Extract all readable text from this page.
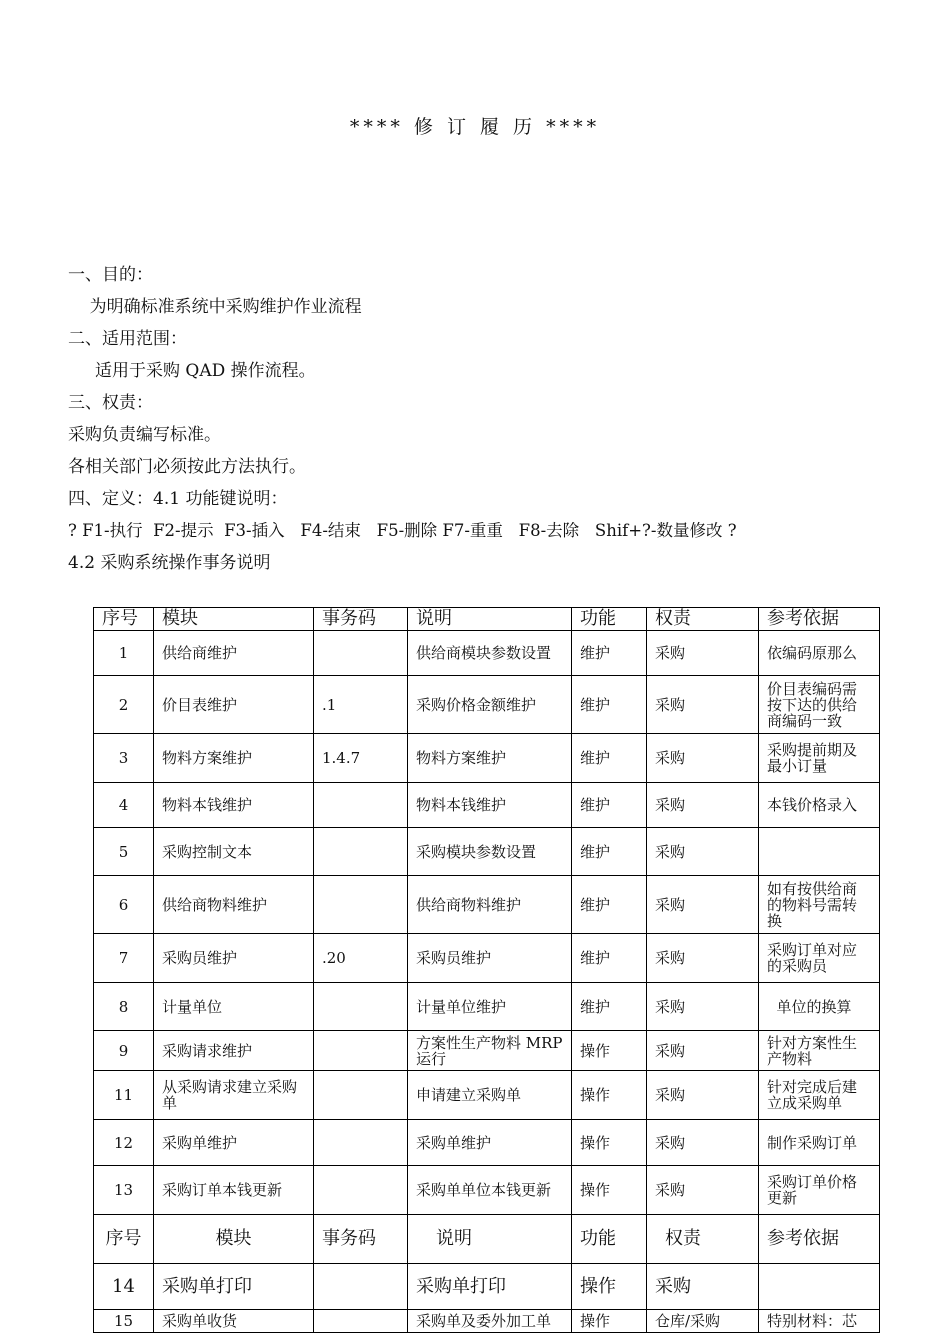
**** 修 订 履 历 ****
一、目的：
为明确标准系统中采购维护作业流程
二、适用范围：
适用于采购 QAD 操作流程。
三、权责：
采购负责编写标准。
各相关部门必须按此方法执行。
四、定义：4.1 功能键说明：
? F1-执行  F2-提示  F3-插入   F4-结束   F5-删除 F7-重重   F8-去除   Shif+?-数量修改 ?
4.2 采购系统操作事务说明
序号	模块	事务码	说明	功能	权责	参考依据
1	供给商维护		供给商模块参数设置	维护	采购	依编码原那么
2	价目表维护	.1	采购价格金额维护	维护	采购	价目表编码需按下达的供给商编码一致
3	物料方案维护	1.4.7	物料方案维护	维护	采购	采购提前期及最小订量
4	物料本钱维护		物料本钱维护	维护	采购	本钱价格录入
5	采购控制文本		采购模块参数设置	维护	采购	
6	供给商物料维护		供给商物料维护	维护	采购	如有按供给商的物料号需转换
7	采购员维护	.20	采购员维护	维护	采购	采购订单对应的采购员
8	计量单位		计量单位维护	维护	采购	单位的换算
9	采购请求维护		方案性生产物料 MRP 运行	操作	采购	针对方案性生产物料
11	从采购请求建立采购单		申请建立采购单	操作	采购	针对完成后建立成采购单
12	采购单维护		采购单维护	操作	采购	制作采购订单
13	采购订单本钱更新		采购单单位本钱更新	操作	采购	采购订单价格更新
序号	模块	事务码	说明	功能	权责	参考依据
14	采购单打印		采购单打印	操作	采购	
15	采购单收货		采购单及委外加工单	操作	仓库/采购	特别材料：芯
